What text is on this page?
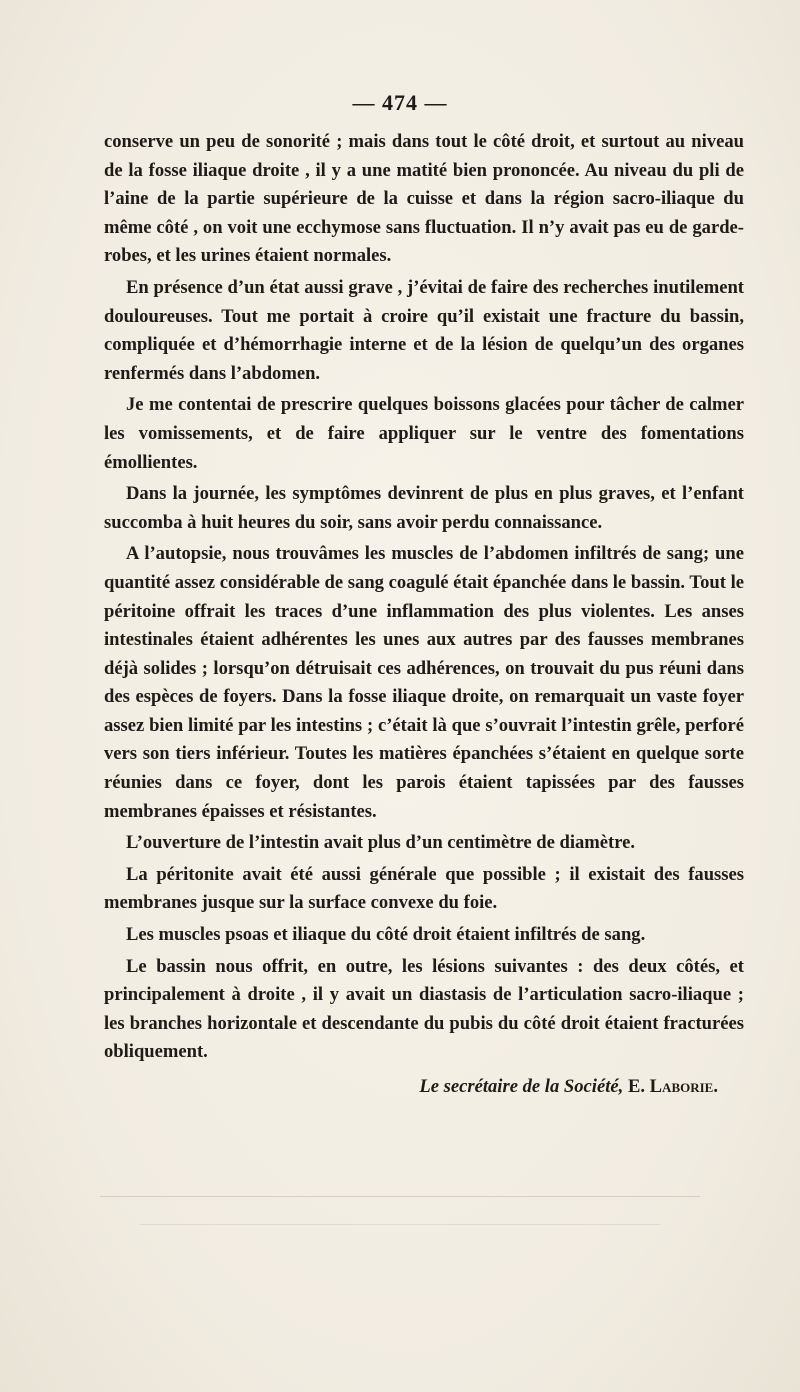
— 474 —

conserve un peu de sonorité ; mais dans tout le côté droit, et surtout au niveau de la fosse iliaque droite , il y a une matité bien prononcée. Au niveau du pli de l’aine de la partie supérieure de la cuisse et dans la région sacro-iliaque du même côté , on voit une ecchymose sans fluctuation. Il n’y avait pas eu de garde-robes, et les urines étaient normales.

En présence d’un état aussi grave , j’évitai de faire des recherches inutilement douloureuses. Tout me portait à croire qu’il existait une fracture du bassin, compliquée et d’hémorrhagie interne et de la lésion de quelqu’un des organes renfermés dans l’abdomen.

Je me contentai de prescrire quelques boissons glacées pour tâcher de calmer les vomissements, et de faire appliquer sur le ventre des fomentations émollientes.

Dans la journée, les symptômes devinrent de plus en plus graves, et l’enfant succomba à huit heures du soir, sans avoir perdu connaissance.

A l’autopsie, nous trouvâmes les muscles de l’abdomen infiltrés de sang; une quantité assez considérable de sang coagulé était épanchée dans le bassin. Tout le péritoine offrait les traces d’une inflammation des plus violentes. Les anses intestinales étaient adhérentes les unes aux autres par des fausses membranes déjà solides ; lorsqu’on détruisait ces adhérences, on trouvait du pus réuni dans des espèces de foyers. Dans la fosse iliaque droite, on remarquait un vaste foyer assez bien limité par les intestins ; c’était là que s’ouvrait l’intestin grêle, perforé vers son tiers inférieur. Toutes les matières épanchées s’étaient en quelque sorte réunies dans ce foyer, dont les parois étaient tapissées par des fausses membranes épaisses et résistantes.

L’ouverture de l’intestin avait plus d’un centimètre de diamètre.

La péritonite avait été aussi générale que possible ; il existait des fausses membranes jusque sur la surface convexe du foie.

Les muscles psoas et iliaque du côté droit étaient infiltrés de sang.

Le bassin nous offrit, en outre, les lésions suivantes : des deux côtés, et principalement à droite , il y avait un diastasis de l’articulation sacro-iliaque ; les branches horizontale et descendante du pubis du côté droit étaient fracturées obliquement.

Le secrétaire de la Société, E. Laborie.
